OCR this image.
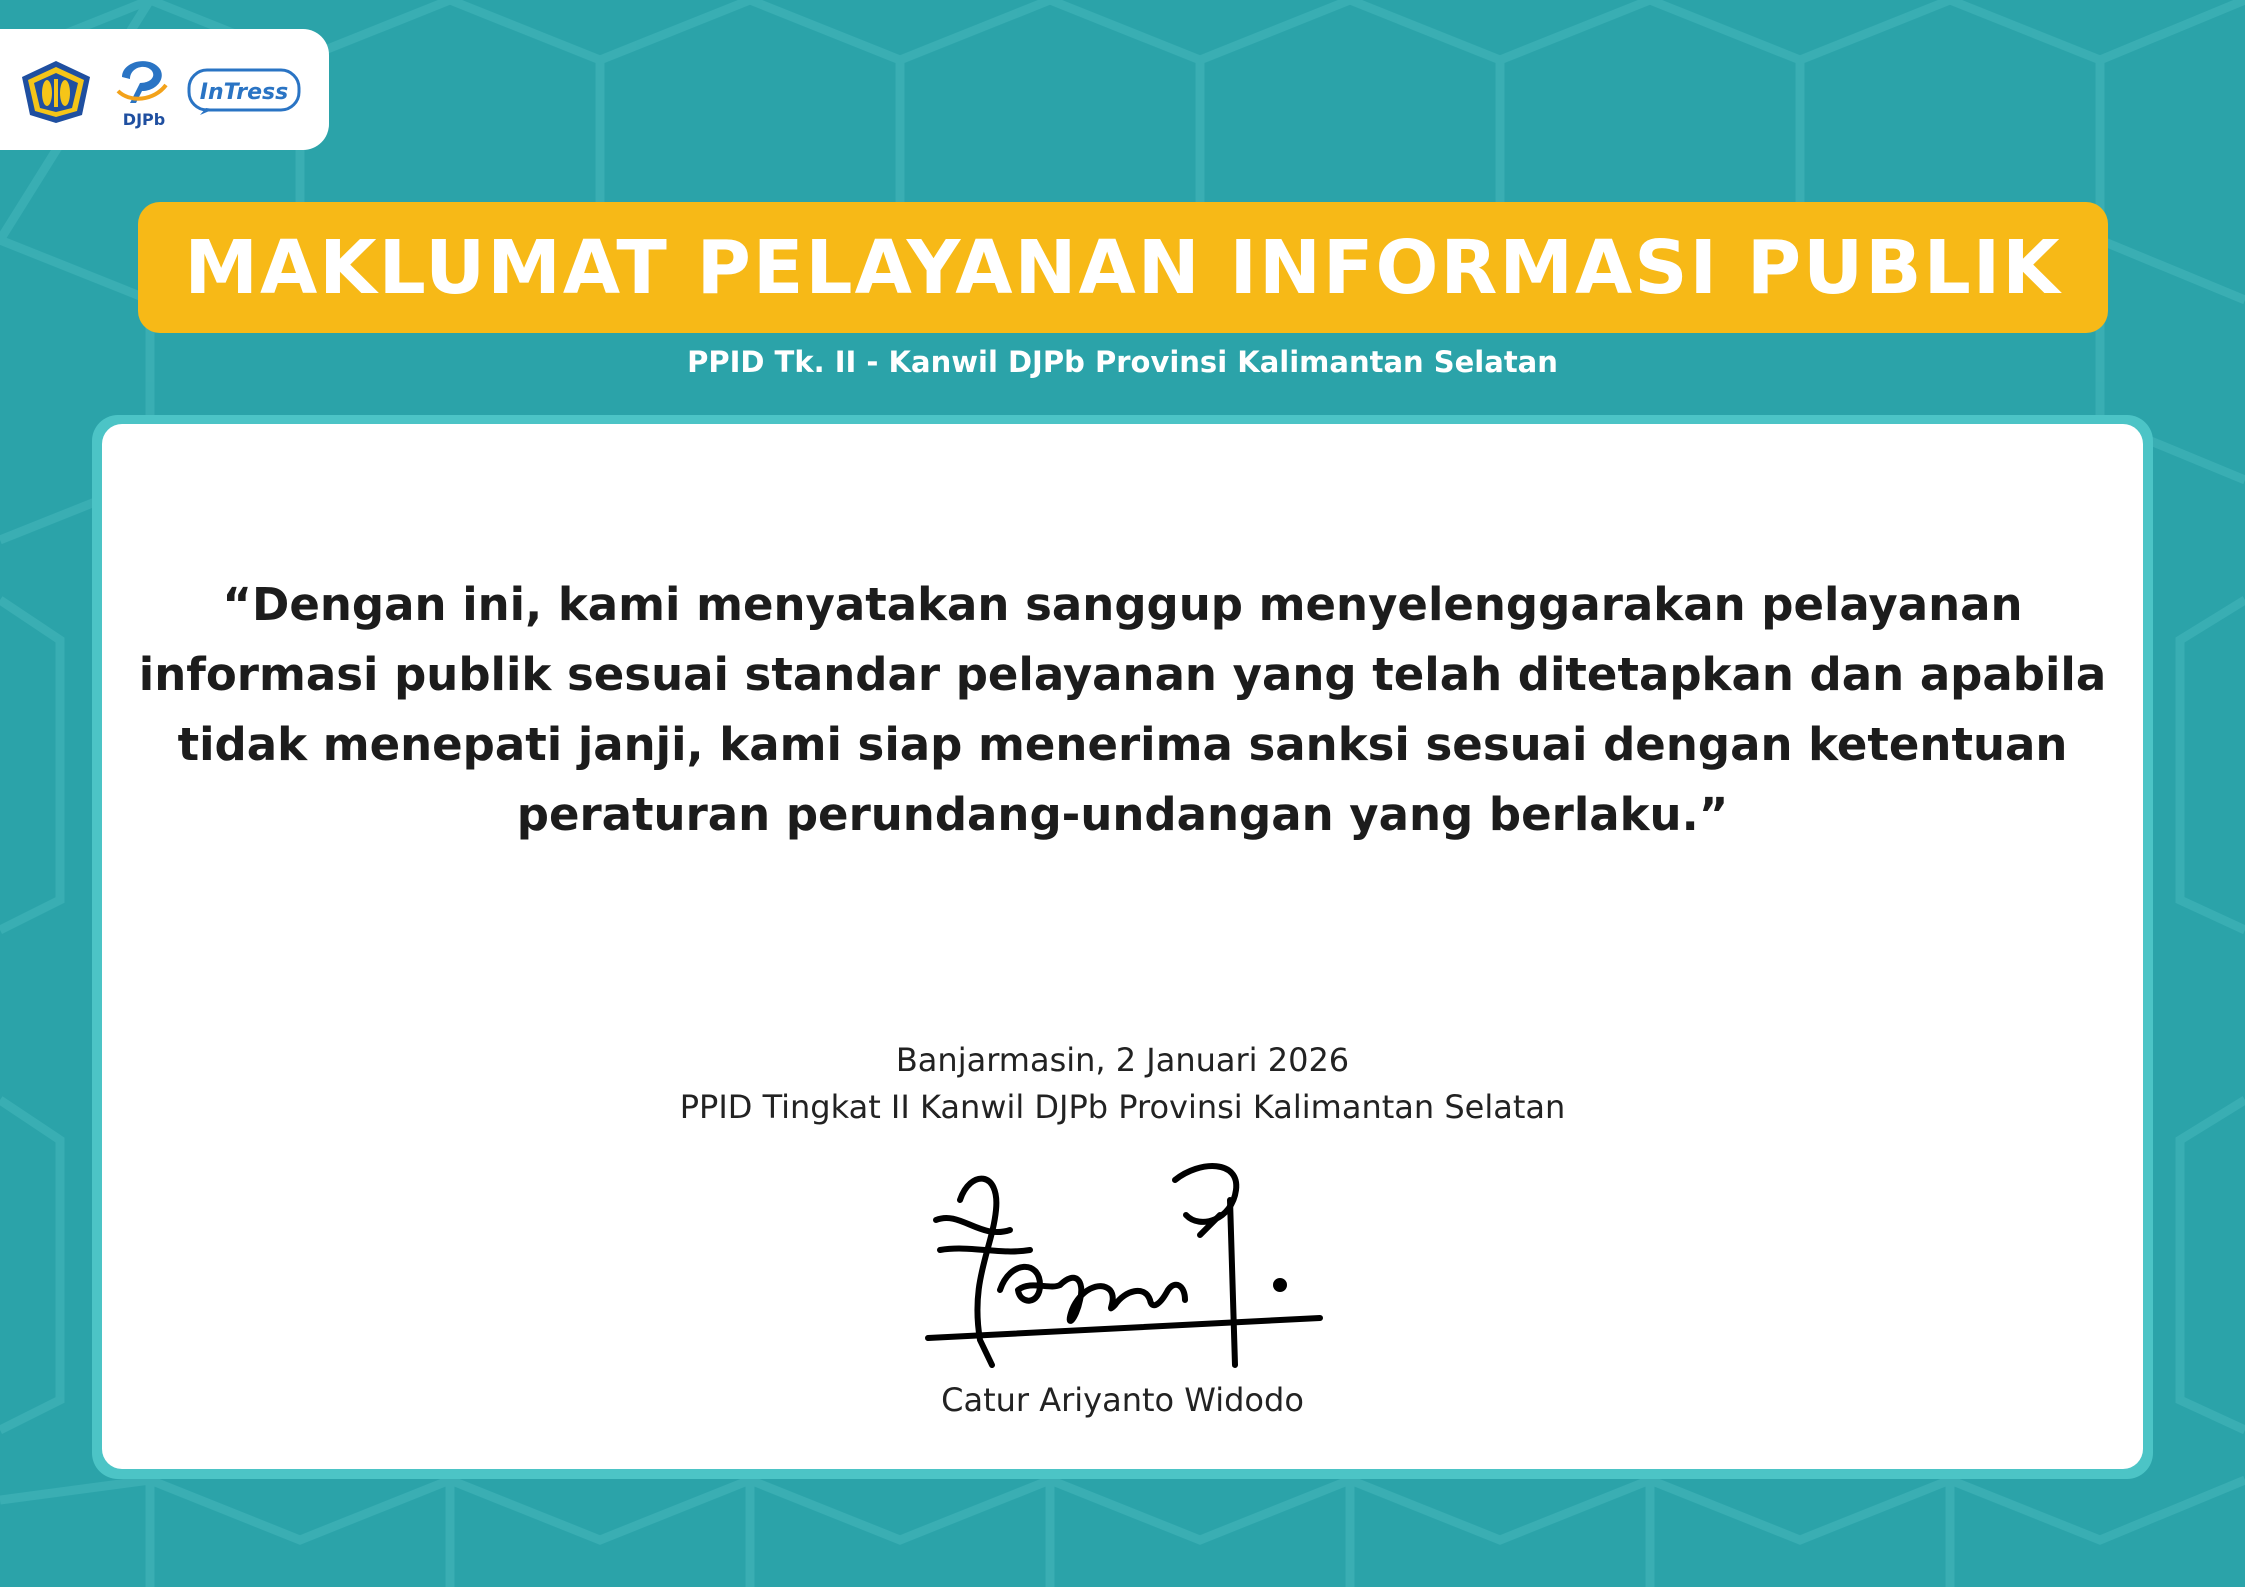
DJPb
InTress
MAKLUMAT PELAYANAN INFORMASI PUBLIK
PPID Tk. II - Kanwil DJPb Provinsi Kalimantan Selatan
“Dengan ini, kami menyatakan sanggup menyelenggarakan pelayanan
informasi publik sesuai standar pelayanan yang telah ditetapkan dan apabila
tidak menepati janji, kami siap menerima sanksi sesuai dengan ketentuan
peraturan perundang-undangan yang berlaku.”
Banjarmasin, 2 Januari 2026
PPID Tingkat II Kanwil DJPb Provinsi Kalimantan Selatan
Catur Ariyanto Widodo
